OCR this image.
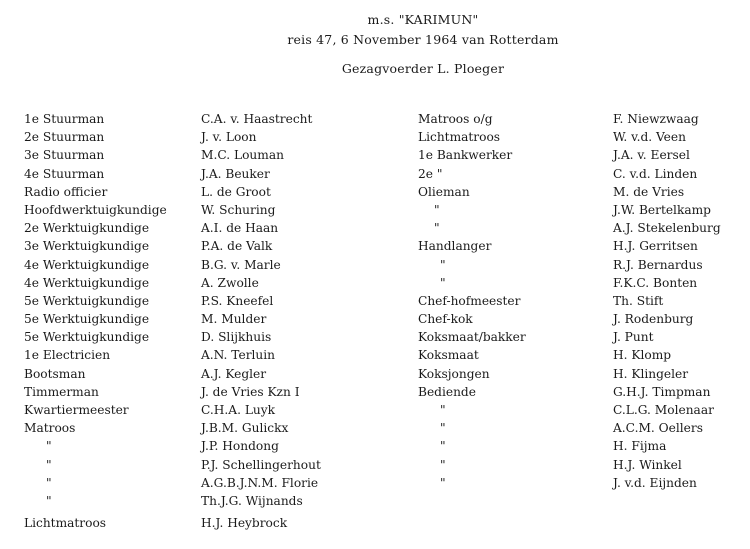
m.s. "KARIMUN"
reis 47, 6 November 1964 van Rotterdam
Gezagvoerder L. Ploeger
1e Stuurman
2e Stuurman
3e Stuurman
4e Stuurman
Radio officier
Hoofdwerktuigkundige
2e Werktuigkundige
3e Werktuigkundige
4e Werktuigkundige
4e Werktuigkundige
5e Werktuigkundige
5e Werktuigkundige
5e Werktuigkundige
1e Electricien
Bootsman
Timmerman
Kwartiermeester
Matroos
"
"
"
"
C.A. v. Haastrecht
J. v. Loon
M.C. Louman
J.A. Beuker
L. de Groot
W. Schuring
A.I. de Haan
P.A. de Valk
B.G. v. Marle
A. Zwolle
P.S. Kneefel
M. Mulder
D. Slijkhuis
A.N. Terluin
A.J. Kegler
J. de Vries Kzn I
C.H.A. Luyk
J.B.M. Gulickx
J.P. Hondong
P.J. Schellingerhout
A.G.B.J.N.M. Florie
Th.J.G. Wijnands
Lichtmatroos	H.J. Heybrock
Matroos o/g
Lichtmatroos
1e Bankwerker
2e "
Olieman
"
"
Handlanger
"
"
Chef-hofmeester
Chef-kok
Koksmaat/bakker
Koksmaat
Koksjongen
Bediende
"
"
"
"
"
F. Niewzwaag
W. v.d. Veen
J.A. v. Eersel
C. v.d. Linden
M. de Vries
J.W. Bertelkamp
A.J. Stekelenburg
H.J. Gerritsen
R.J. Bernardus
F.K.C. Bonten
Th. Stift
J. Rodenburg
J. Punt
H. Klomp
H. Klingeler
G.H.J. Timpman
C.L.G. Molenaar
A.C.M. Oellers
H. Fijma
H.J. Winkel
J. v.d. Eijnden
